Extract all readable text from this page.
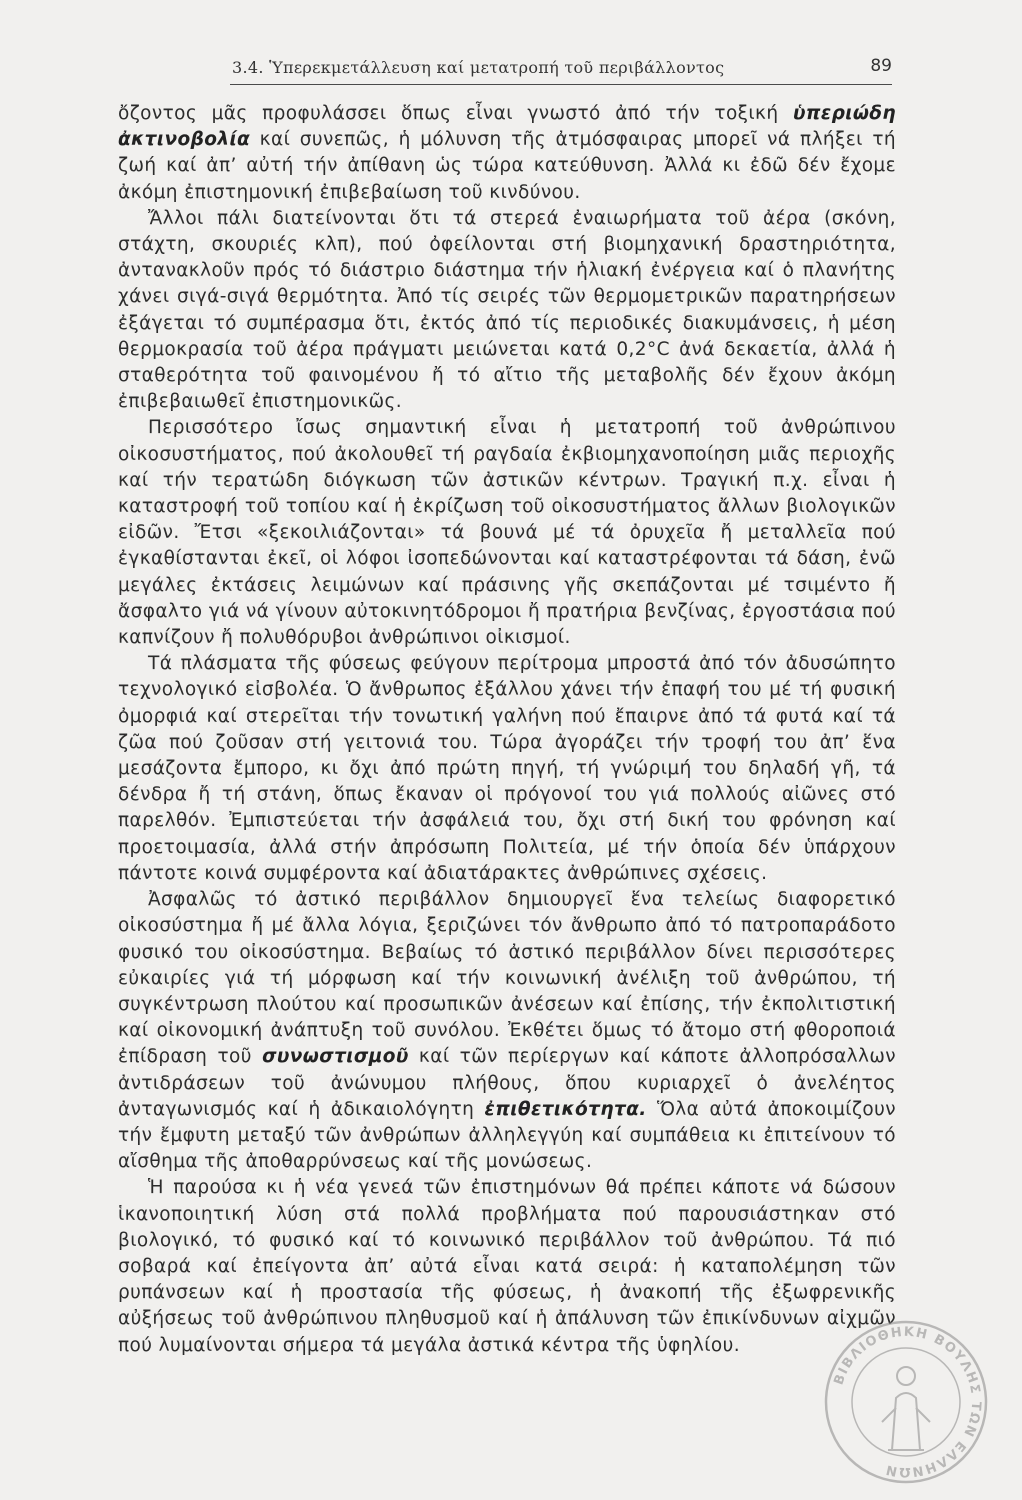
3.4. Ὑπερεκμετάλλευση καί μετατροπή τοῦ περιβάλλοντος	89

ὄζοντος μᾶς προφυλάσσει ὅπως εἶναι γνωστό ἀπό τήν τοξική ὑπεριώδη ἀκτινοβολία καί συνεπῶς, ἡ μόλυνση τῆς ἀτμόσφαιρας μπορεῖ νά πλήξει τή ζωή καί ἀπ’ αὐτή τήν ἀπίθανη ὡς τώρα κατεύθυνση. Ἀλλά κι ἐδῶ δέν ἔχομε ἀκόμη ἐπιστημονική ἐπιβεβαίωση τοῦ κινδύνου.

Ἄλλοι πάλι διατείνονται ὅτι τά στερεά ἐναιωρήματα τοῦ ἀέρα (σκόνη, στάχτη, σκουριές κλπ), πού ὀφείλονται στή βιομηχανική δραστηριότητα, ἀντανακλοῦν πρός τό διάστριο διάστημα τήν ἡλιακή ἐνέργεια καί ὁ πλανήτης χάνει σιγά-σιγά θερμότητα. Ἀπό τίς σειρές τῶν θερμομετρικῶν παρατηρήσεων ἐξάγεται τό συμπέρασμα ὅτι, ἐκτός ἀπό τίς περιοδικές διακυμάνσεις, ἡ μέση θερμοκρασία τοῦ ἀέρα πράγματι μειώνεται κατά 0,2°C ἀνά δεκαετία, ἀλλά ἡ σταθερότητα τοῦ φαινομένου ἤ τό αἴτιο τῆς μεταβολῆς δέν ἔχουν ἀκόμη ἐπιβεβαιωθεῖ ἐπιστημονικῶς.

Περισσότερο ἴσως σημαντική εἶναι ἡ μετατροπή τοῦ ἀνθρώπινου οἰκοσυστήματος, πού ἀκολουθεῖ τή ραγδαία ἐκβιομηχανοποίηση μιᾶς περιοχῆς καί τήν τερατώδη διόγκωση τῶν ἀστικῶν κέντρων. Τραγική π.χ. εἶναι ἡ καταστροφή τοῦ τοπίου καί ἡ ἐκρίζωση τοῦ οἰκοσυστήματος ἄλλων βιολογικῶν εἰδῶν. Ἔτσι «ξεκοιλιάζονται» τά βουνά μέ τά ὀρυχεῖα ἤ μεταλλεῖα πού ἐγκαθίστανται ἐκεῖ, οἱ λόφοι ἰσοπεδώνονται καί καταστρέφονται τά δάση, ἐνῶ μεγάλες ἐκτάσεις λειμώνων καί πράσινης γῆς σκεπάζονται μέ τσιμέντο ἤ ἄσφαλτο γιά νά γίνουν αὐτοκινητόδρομοι ἤ πρατήρια βενζίνας, ἐργοστάσια πού καπνίζουν ἤ πολυθόρυβοι ἀνθρώπινοι οἰκισμοί.

Τά πλάσματα τῆς φύσεως φεύγουν περίτρομα μπροστά ἀπό τόν ἀδυσώπητο τεχνολογικό εἰσβολέα. Ὁ ἄνθρωπος ἐξάλλου χάνει τήν ἐπαφή του μέ τή φυσική ὀμορφιά καί στερεῖται τήν τονωτική γαλήνη πού ἔπαιρνε ἀπό τά φυτά καί τά ζῶα πού ζοῦσαν στή γειτονιά του. Τώρα ἀγοράζει τήν τροφή του ἀπ’ ἕνα μεσάζοντα ἔμπορο, κι ὄχι ἀπό πρώτη πηγή, τή γνώριμή του δηλαδή γῆ, τά δένδρα ἤ τή στάνη, ὅπως ἔκαναν οἱ πρόγονοί του γιά πολλούς αἰῶνες στό παρελθόν. Ἐμπιστεύεται τήν ἀσφάλειά του, ὄχι στή δική του φρόνηση καί προετοιμασία, ἀλλά στήν ἀπρόσωπη Πολιτεία, μέ τήν ὁποία δέν ὑπάρχουν πάντοτε κοινά συμφέροντα καί ἀδιατάρακτες ἀνθρώπινες σχέσεις.

Ἀσφαλῶς τό ἀστικό περιβάλλον δημιουργεῖ ἕνα τελείως διαφορετικό οἰκοσύστημα ἤ μέ ἄλλα λόγια, ξεριζώνει τόν ἄνθρωπο ἀπό τό πατροπαράδοτο φυσικό του οἰκοσύστημα. Βεβαίως τό ἀστικό περιβάλλον δίνει περισσότερες εὐκαιρίες γιά τή μόρφωση καί τήν κοινωνική ἀνέλιξη τοῦ ἀνθρώπου, τή συγκέντρωση πλούτου καί προσωπικῶν ἀνέσεων καί ἐπίσης, τήν ἐκπολιτιστική καί οἰκονομική ἀνάπτυξη τοῦ συνόλου. Ἐκθέτει ὅμως τό ἄτομο στή φθοροποιά ἐπίδραση τοῦ συνωστισμοῦ καί τῶν περίεργων καί κάποτε ἀλλοπρόσαλλων ἀντιδράσεων τοῦ ἀνώνυμου πλήθους, ὅπου κυριαρχεῖ ὁ ἀνελέητος ἀνταγωνισμός καί ἡ ἀδικαιολόγητη ἐπιθετικότητα. Ὅλα αὐτά ἀποκοιμίζουν τήν ἔμφυτη μεταξύ τῶν ἀνθρώπων ἀλληλεγγύη καί συμπάθεια κι ἐπιτείνουν τό αἴσθημα τῆς ἀποθαρρύνσεως καί τῆς μονώσεως.

Ἡ παρούσα κι ἡ νέα γενεά τῶν ἐπιστημόνων θά πρέπει κάποτε νά δώσουν ἱκανοποιητική λύση στά πολλά προβλήματα πού παρουσιάστηκαν στό βιολογικό, τό φυσικό καί τό κοινωνικό περιβάλλον τοῦ ἀνθρώπου. Τά πιό σοβαρά καί ἐπείγοντα ἀπ’ αὐτά εἶναι κατά σειρά: ἡ καταπολέμηση τῶν ρυπάνσεων καί ἡ προστασία τῆς φύσεως, ἡ ἀνακοπή τῆς ἐξωφρενικῆς αὐξήσεως τοῦ ἀνθρώπινου πληθυσμοῦ καί ἡ ἀπάλυνση τῶν ἐπικίνδυνων αἰχμῶν πού λυμαίνονται σήμερα τά μεγάλα ἀστικά κέντρα τῆς ὑφηλίου.

ΒΙΒΛΙΟΘΗΚΗ ΒΟΥΛΗΣ ΤΩΝ ΕΛΛΗΝΩΝ
